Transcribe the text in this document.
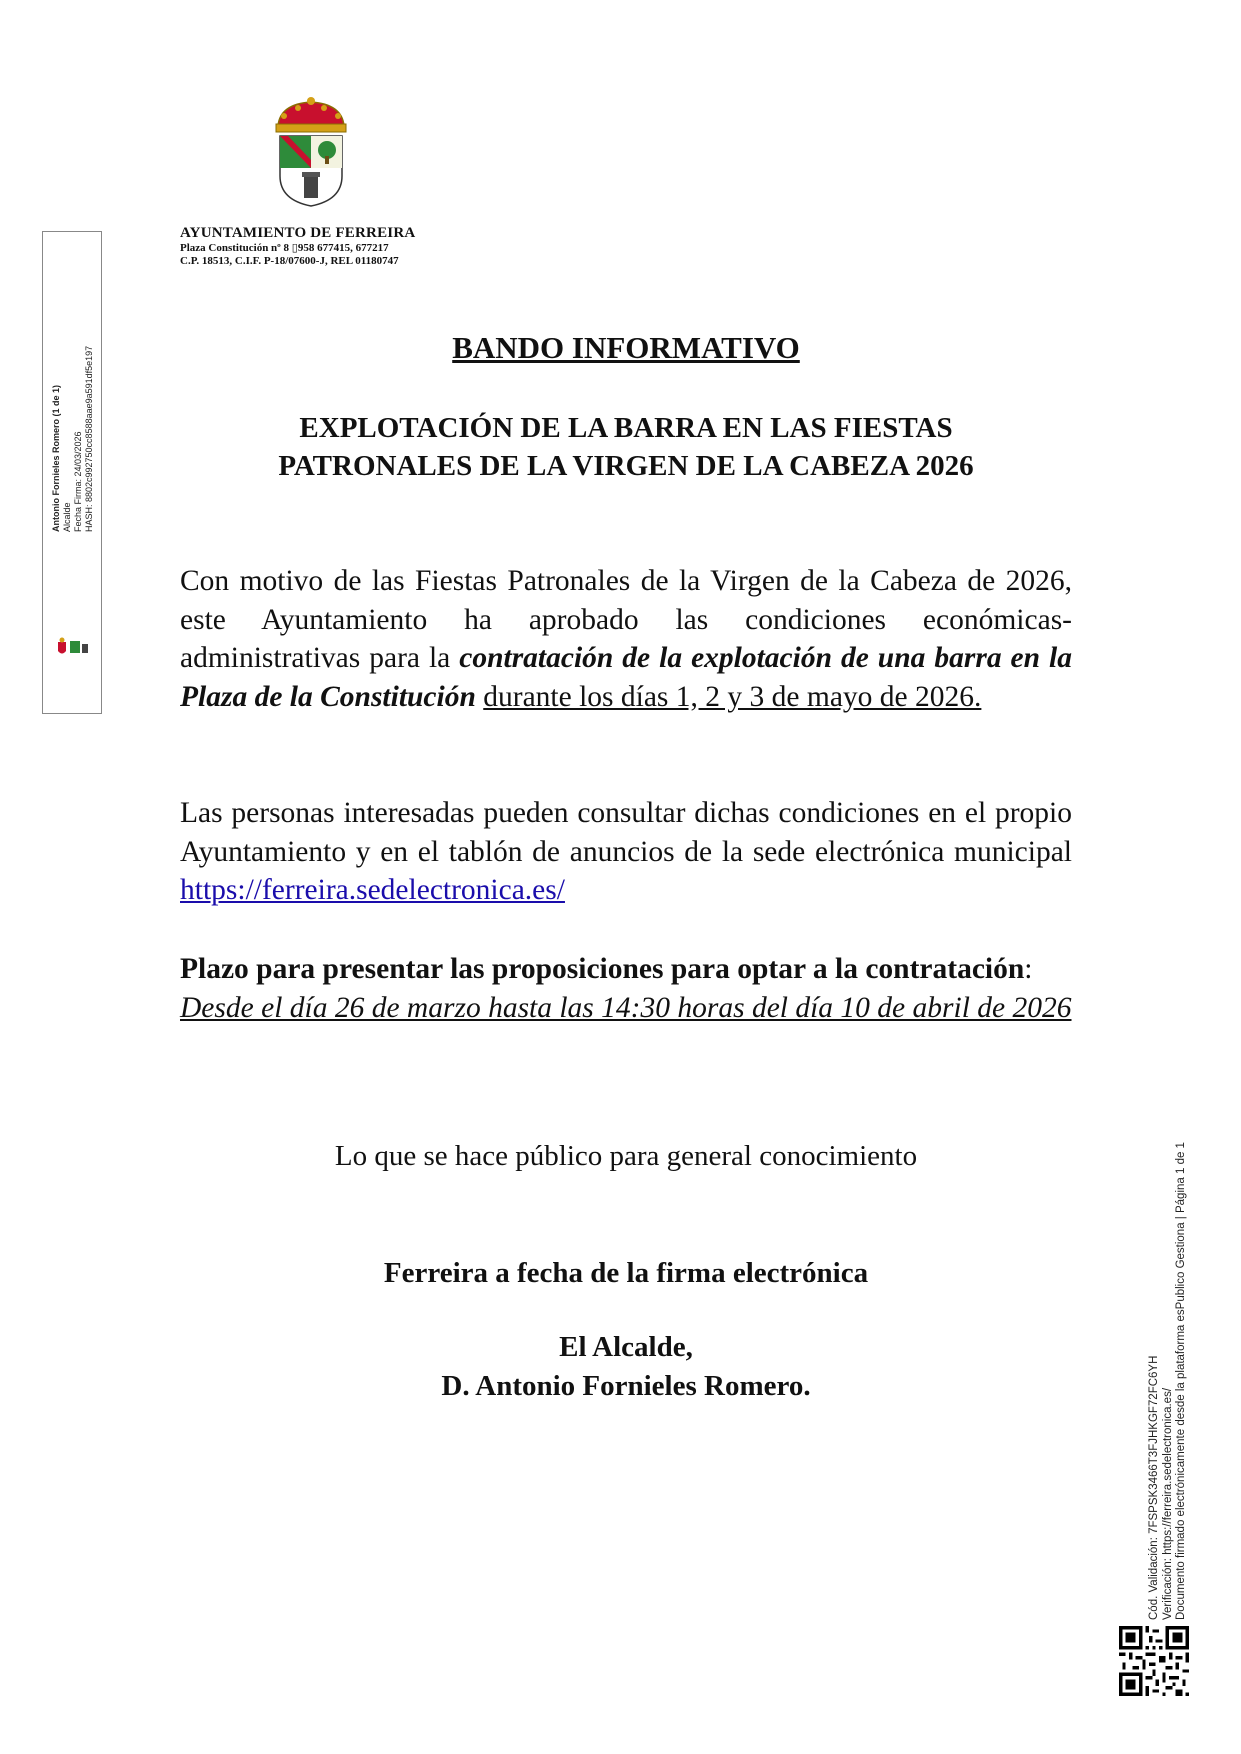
AYUNTAMIENTO DE FERREIRA
Plaza Constitución nº 8 ▯958 677415, 677217
C.P. 18513, C.I.F. P-18/07600-J, REL 01180747
Antonio Fornieles Romero (1 de 1) Alcalde Fecha Firma: 24/03/2026 HASH: 8802c992750cc8588aae9a591df5e197	BANDO INFORMATIVO
EXPLOTACIÓN DE LA BARRA EN LAS FIESTAS
PATRONALES DE LA VIRGEN DE LA CABEZA 2026
Con motivo de las Fiestas Patronales de la Virgen de la Cabeza de 2026, este Ayuntamiento ha aprobado las condiciones económicas-administrativas para la contratación de la explotación de una barra en la Plaza de la Constitución durante los días 1, 2 y 3 de mayo de 2026.
Las personas interesadas pueden consultar dichas condiciones en el propio Ayuntamiento y en el tablón de anuncios de la sede electrónica municipal https://ferreira.sedelectronica.es/
Plazo para presentar las proposiciones para optar a la contratación:
Desde el día 26 de marzo hasta las 14:30 horas del día 10 de abril de 2026
Lo que se hace público para general conocimiento
Ferreira a fecha de la firma electrónica
El Alcalde,
D. Antonio Fornieles Romero.	Cód. Validación: 7FSPSK3466T3FJHKGF72FC6YH Verificación: https://ferreira.sedelectronica.es/ Documento firmado electrónicamente desde la plataforma esPublico Gestiona | Página 1 de 1
